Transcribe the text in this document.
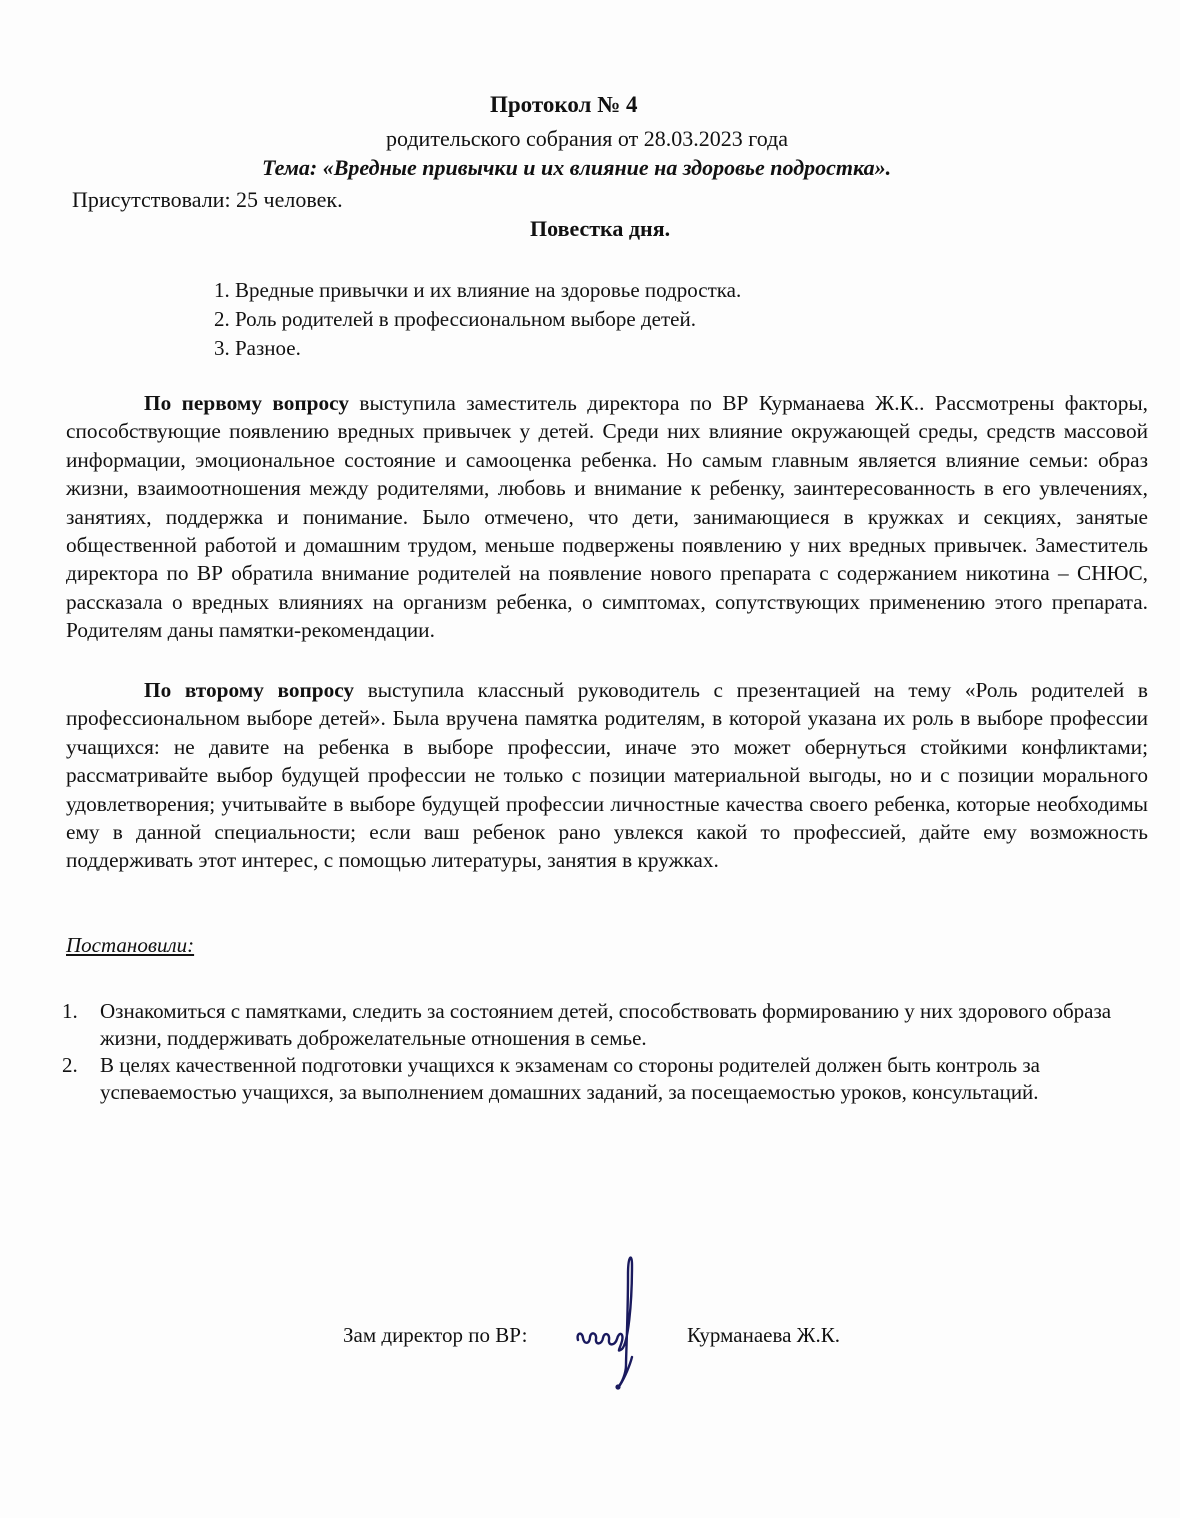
Протокол № 4
родительского собрания от 28.03.2023 года
Тема: «Вредные привычки и их влияние на здоровье подростка».
Присутствовали: 25 человек.
Повестка дня.
1. Вредные привычки и их влияние на здоровье подростка.
2. Роль родителей в профессиональном выборе детей.
3. Разное.

По первому вопросу выступила заместитель директора по ВР Курманаева Ж.К.. Рассмотрены факторы, способствующие появлению вредных привычек у детей. Среди них влияние окружающей среды, средств массовой информации, эмоциональное состояние и самооценка ребенка. Но самым главным является влияние семьи: образ жизни, взаимоотношения между родителями, любовь и внимание к ребенку, заинтересованность в его увлечениях, занятиях, поддержка и понимание. Было отмечено, что дети, занимающиеся в кружках и секциях, занятые общественной работой и домашним трудом, меньше подвержены появлению у них вредных привычек. Заместитель директора по ВР обратила внимание родителей на появление нового препарата с содержанием никотина – СНЮС, рассказала о вредных влияниях на организм ребенка, о симптомах, сопутствующих применению этого препарата. Родителям даны памятки-рекомендации.

По второму вопросу выступила классный руководитель с презентацией на тему «Роль родителей в профессиональном выборе детей». Была вручена памятка родителям, в которой указана их роль в выборе профессии учащихся: не давите на ребенка в выборе профессии, иначе это может обернуться стойкими конфликтами; рассматривайте выбор будущей профессии не только с позиции материальной выгоды, но и с позиции морального удовлетворения; учитывайте в выборе будущей профессии личностные качества своего ребенка, которые необходимы ему в данной специальности; если ваш ребенок рано увлекся какой то профессией, дайте ему возможность поддерживать этот интерес, с помощью литературы, занятия в кружках.

Постановили:
1. Ознакомиться с памятками, следить за состоянием детей, способствовать формированию у них здорового образа жизни, поддерживать доброжелательные отношения в семье.
2. В целях качественной подготовки учащихся к экзаменам со стороны родителей должен быть контроль за успеваемостью учащихся, за выполнением домашних заданий, за посещаемостью уроков, консультаций.
Зам директор по ВР:	Курманаева Ж.К.
